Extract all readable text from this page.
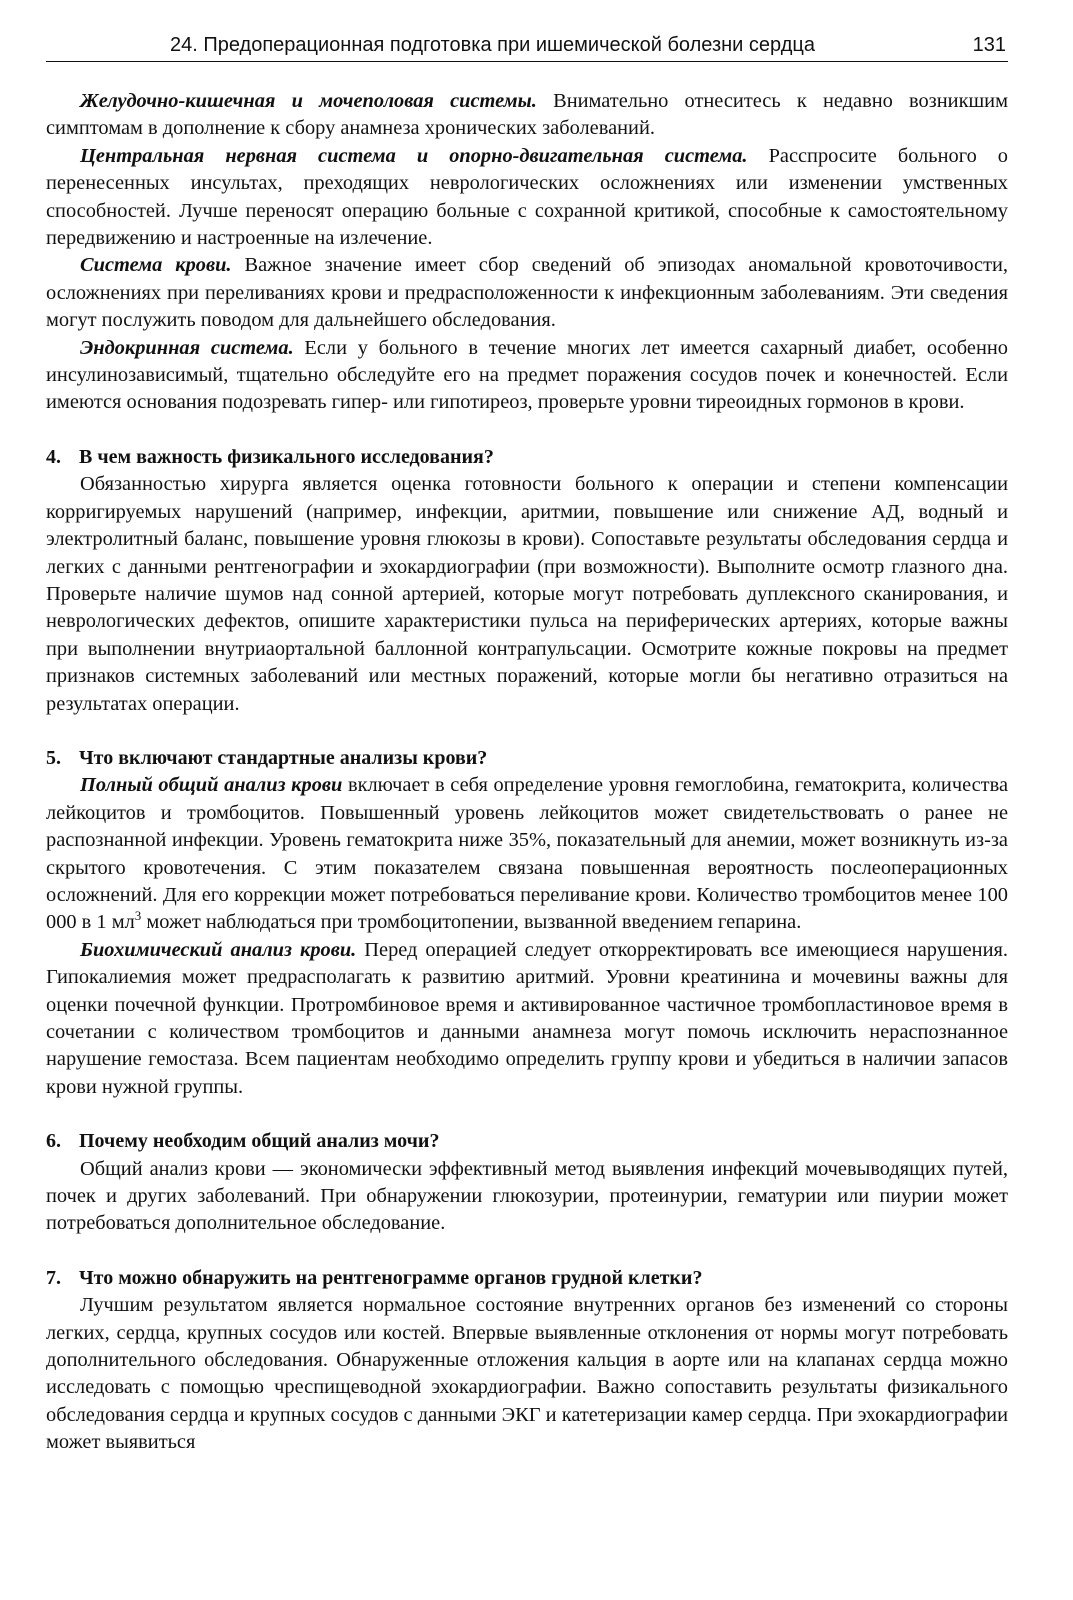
24. Предоперационная подготовка при ишемической болезни сердца	131

Желудочно-кишечная и мочеполовая системы. Внимательно отнеситесь к недавно возникшим симптомам в дополнение к сбору анамнеза хронических заболеваний.

Центральная нервная система и опорно-двигательная система. Расспросите больного о перенесенных инсультах, преходящих неврологических осложнениях или изменении умственных способностей. Лучше переносят операцию больные с сохранной критикой, способные к самостоятельному передвижению и настроенные на излечение.

Система крови. Важное значение имеет сбор сведений об эпизодах аномальной кровоточивости, осложнениях при переливаниях крови и предрасположенности к инфекционным заболеваниям. Эти сведения могут послужить поводом для дальнейшего обследования.

Эндокринная система. Если у больного в течение многих лет имеется сахарный диабет, особенно инсулинозависимый, тщательно обследуйте его на предмет поражения сосудов почек и конечностей. Если имеются основания подозревать гипер- или гипотиреоз, проверьте уровни тиреоидных гормонов в крови.

4. В чем важность физикального исследования?

Обязанностью хирурга является оценка готовности больного к операции и степени компенсации корригируемых нарушений (например, инфекции, аритмии, повышение или снижение АД, водный и электролитный баланс, повышение уровня глюкозы в крови). Сопоставьте результаты обследования сердца и легких с данными рентгенографии и эхокардиографии (при возможности). Выполните осмотр глазного дна. Проверьте наличие шумов над сонной артерией, которые могут потребовать дуплексного сканирования, и неврологических дефектов, опишите характеристики пульса на периферических артериях, которые важны при выполнении внутриаортальной баллонной контрапульсации. Осмотрите кожные покровы на предмет признаков системных заболеваний или местных поражений, которые могли бы негативно отразиться на результатах операции.

5. Что включают стандартные анализы крови?

Полный общий анализ крови включает в себя определение уровня гемоглобина, гематокрита, количества лейкоцитов и тромбоцитов. Повышенный уровень лейкоцитов может свидетельствовать о ранее не распознанной инфекции. Уровень гематокрита ниже 35%, показательный для анемии, может возникнуть из-за скрытого кровотечения. С этим показателем связана повышенная вероятность послеоперационных осложнений. Для его коррекции может потребоваться переливание крови. Количество тромбоцитов менее 100 000 в 1 $мл^3$ может наблюдаться при тромбоцитопении, вызванной введением гепарина.

Биохимический анализ крови. Перед операцией следует откорректировать все имеющиеся нарушения. Гипокалиемия может предрасполагать к развитию аритмий. Уровни креатинина и мочевины важны для оценки почечной функции. Протромбиновое время и активированное частичное тромбопластиновое время в сочетании с количеством тромбоцитов и данными анамнеза могут помочь исключить нераспознанное нарушение гемостаза. Всем пациентам необходимо определить группу крови и убедиться в наличии запасов крови нужной группы.

6. Почему необходим общий анализ мочи?

Общий анализ крови — экономически эффективный метод выявления инфекций мочевыводящих путей, почек и других заболеваний. При обнаружении глюкозурии, протеинурии, гематурии или пиурии может потребоваться дополнительное обследование.

7. Что можно обнаружить на рентгенограмме органов грудной клетки?

Лучшим результатом является нормальное состояние внутренних органов без изменений со стороны легких, сердца, крупных сосудов или костей. Впервые выявленные отклонения от нормы могут потребовать дополнительного обследования. Обнаруженные отложения кальция в аорте или на клапанах сердца можно исследовать с помощью чреспищеводной эхокардиографии. Важно сопоставить результаты физикального обследования сердца и крупных сосудов с данными ЭКГ и катетеризации камер сердца. При эхокардиографии может выявиться
